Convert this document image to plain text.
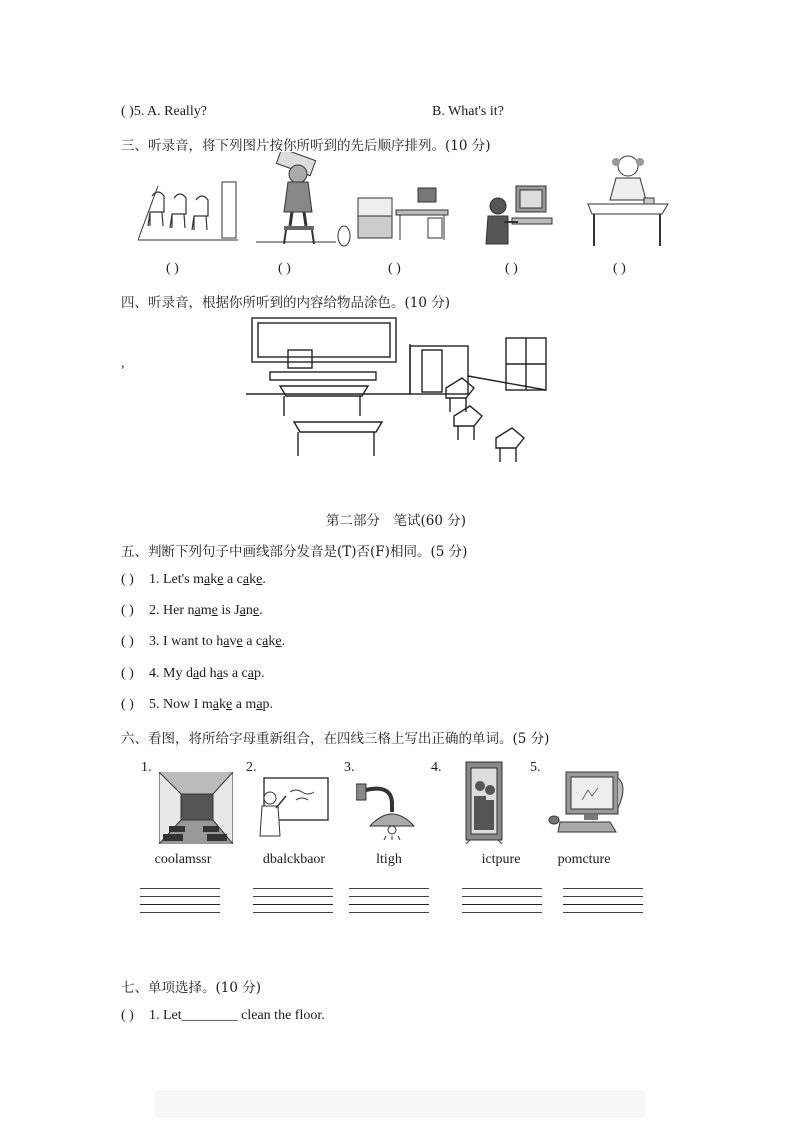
( )5. A. Really?	B. What's it?
三、听录音，将下列图片按你所听到的先后顺序排列。(10 分)
( )	( )	( )	( )	( )
四、听录音，根据你所听到的内容给物品涂色。(10 分)
,
第二部分　笔试(60 分)
五、判断下列句子中画线部分发音是(T)否(F)相同。(5 分)
( ) 1. Let's make a cake.
( ) 2. Her name is Jane.
( ) 3. I want to have a cake.
( ) 4. My dad has a cap.
( ) 5. Now I make a map.
六、看图，将所给字母重新组合，在四线三格上写出正确的单词。(5 分)
1.	2.	3.	4.	5.
coolamssr	dbalckbaor	ltigh	ictpure	pomcture
七、单项选择。(10 分)
( ) 1. Let________ clean the floor.
